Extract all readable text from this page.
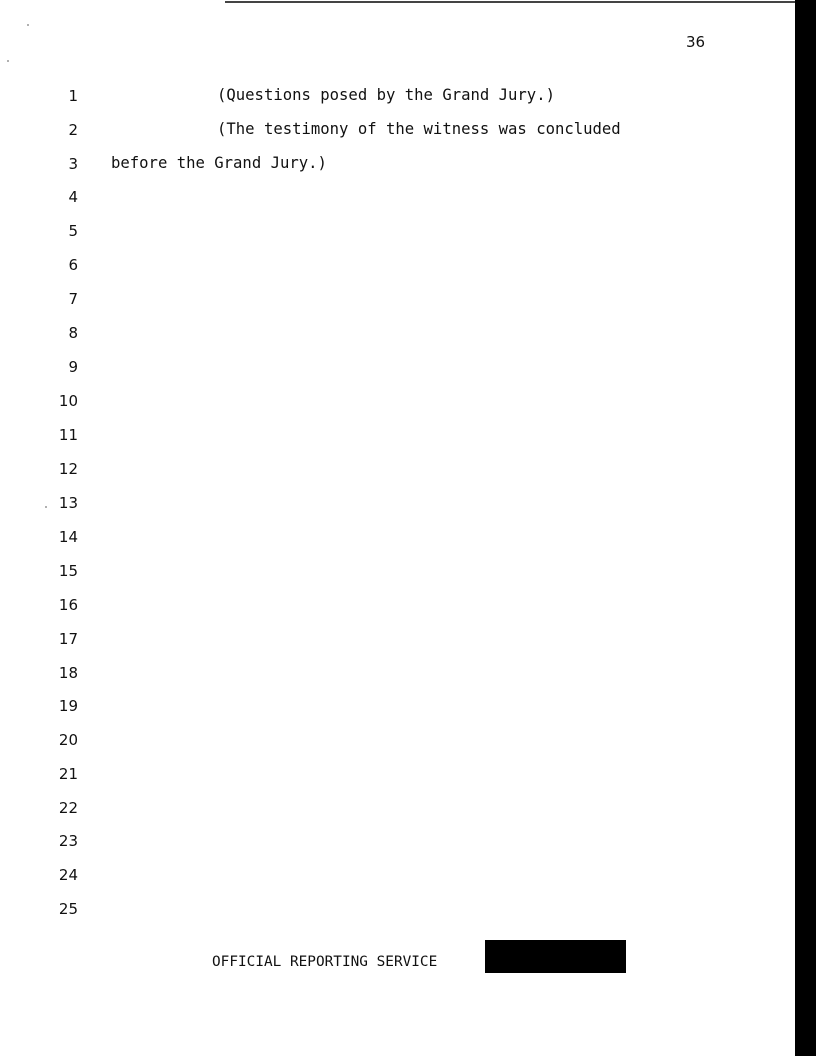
36
1
2
3
4
5
6
7
8
9
10
11
12
13
14
15
16
17
18
19
20
21
22
23
24
25
(Questions posed by the Grand Jury.)
(The testimony of the witness was concluded
before the Grand Jury.)
OFFICIAL REPORTING SERVICE
